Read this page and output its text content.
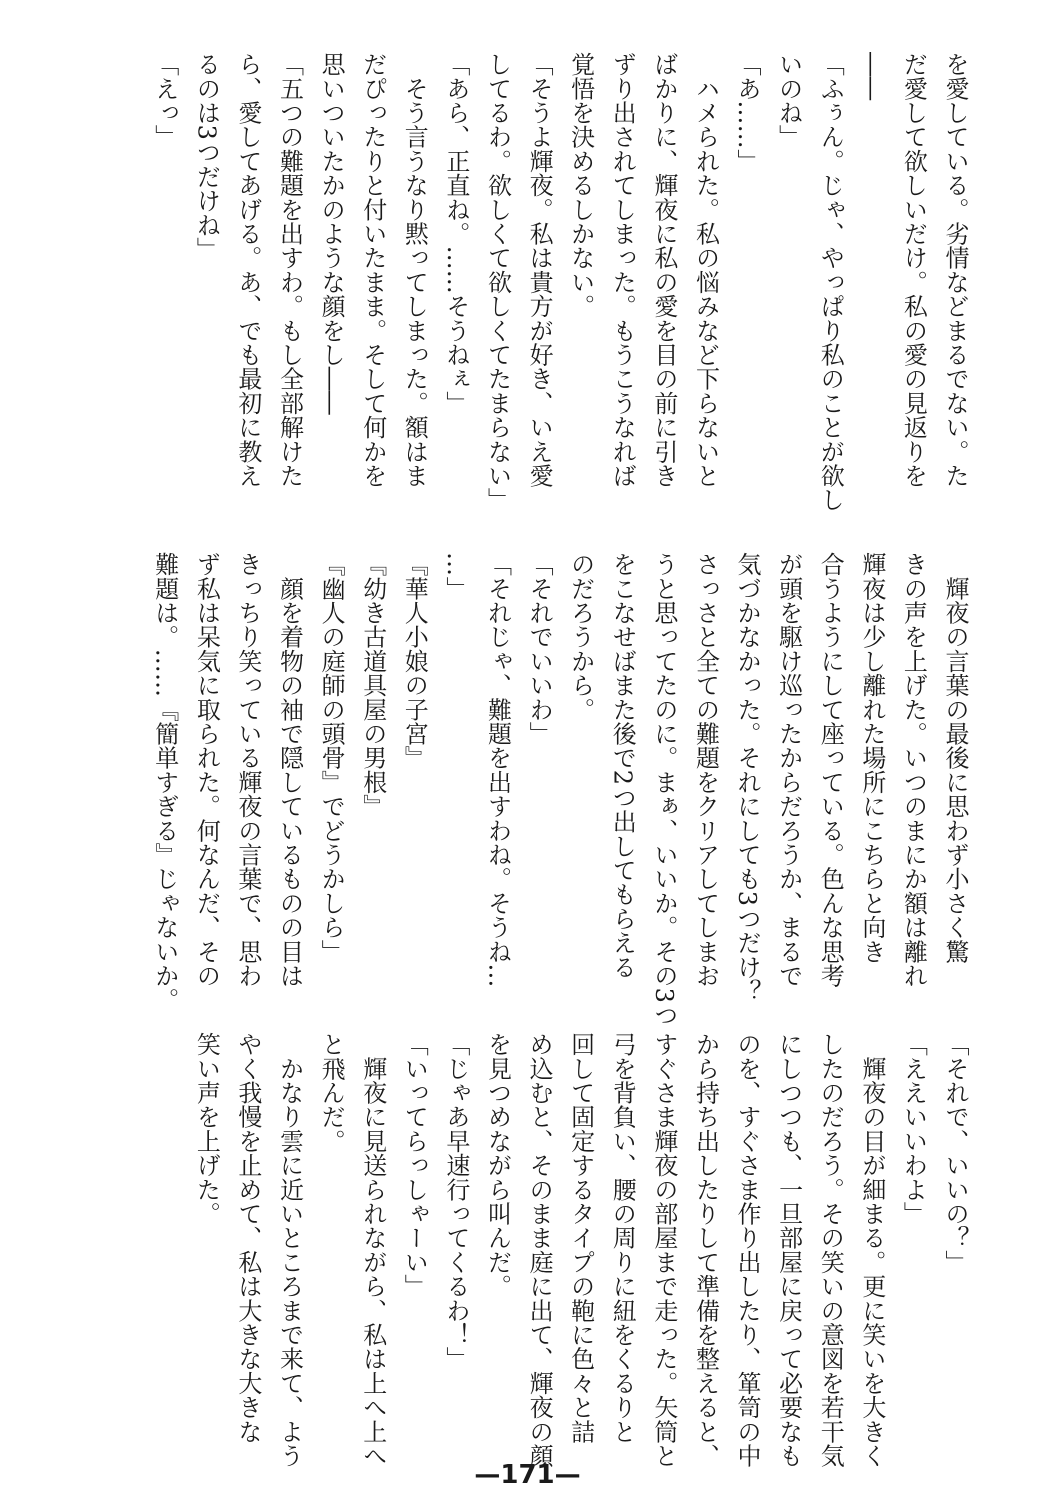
を愛している。劣情などまるでない。た
だ愛して欲しいだけ。私の愛の見返りを
――
「ふぅん。じゃ、やっぱり私のことが欲し
いのね」
「あ……」
　ハメられた。私の悩みなど下らないと
ばかりに、輝夜に私の愛を目の前に引き
ずり出されてしまった。もうこうなれば
覚悟を決めるしかない。
「そうよ輝夜。私は貴方が好き、いえ愛
してるわ。欲しくて欲しくてたまらない」
「あら、正直ね。……そうねぇ」
　そう言うなり黙ってしまった。額はま
だぴったりと付いたまま。そして何かを
思いついたかのような顔をし――
「五つの難題を出すわ。もし全部解けた
ら、愛してあげる。あ、でも最初に教え
るのは3つだけね」
「えっ」
　輝夜の言葉の最後に思わず小さく驚
きの声を上げた。いつのまにか額は離れ
輝夜は少し離れた場所にこちらと向き
合うようにして座っている。色んな思考
が頭を駆け巡ったからだろうか、まるで
気づかなかった。それにしても3つだけ？
さっさと全ての難題をクリアしてしまお
うと思ってたのに。まぁ、いいか。その3つ
をこなせばまた後で2つ出してもらえる
のだろうから。
「それでいいわ」
「それじゃ、難題を出すわね。そうね…
…」
『華人小娘の子宮』
『幼き古道具屋の男根』
『幽人の庭師の頭骨』でどうかしら」
　顔を着物の袖で隠しているものの目は
きっちり笑っている輝夜の言葉で、思わ
ず私は呆気に取られた。何なんだ、その
難題は。……『簡単すぎる』じゃないか。
「それで、いいの？」
「ええいいわよ」
　輝夜の目が細まる。更に笑いを大きく
したのだろう。その笑いの意図を若干気
にしつつも、一旦部屋に戻って必要なも
のを、すぐさま作り出したり、箪笥の中
から持ち出したりして準備を整えると、
すぐさま輝夜の部屋まで走った。矢筒と
弓を背負い、腰の周りに紐をくるりと
回して固定するタイプの鞄に色々と詰
め込むと、そのまま庭に出て、輝夜の顔
を見つめながら叫んだ。
「じゃあ早速行ってくるわ！」
「いってらっしゃーい」
　輝夜に見送られながら、私は上へ上へ
と飛んだ。
　かなり雲に近いところまで来て、よう
やく我慢を止めて、私は大きな大きな
笑い声を上げた。
—171—
